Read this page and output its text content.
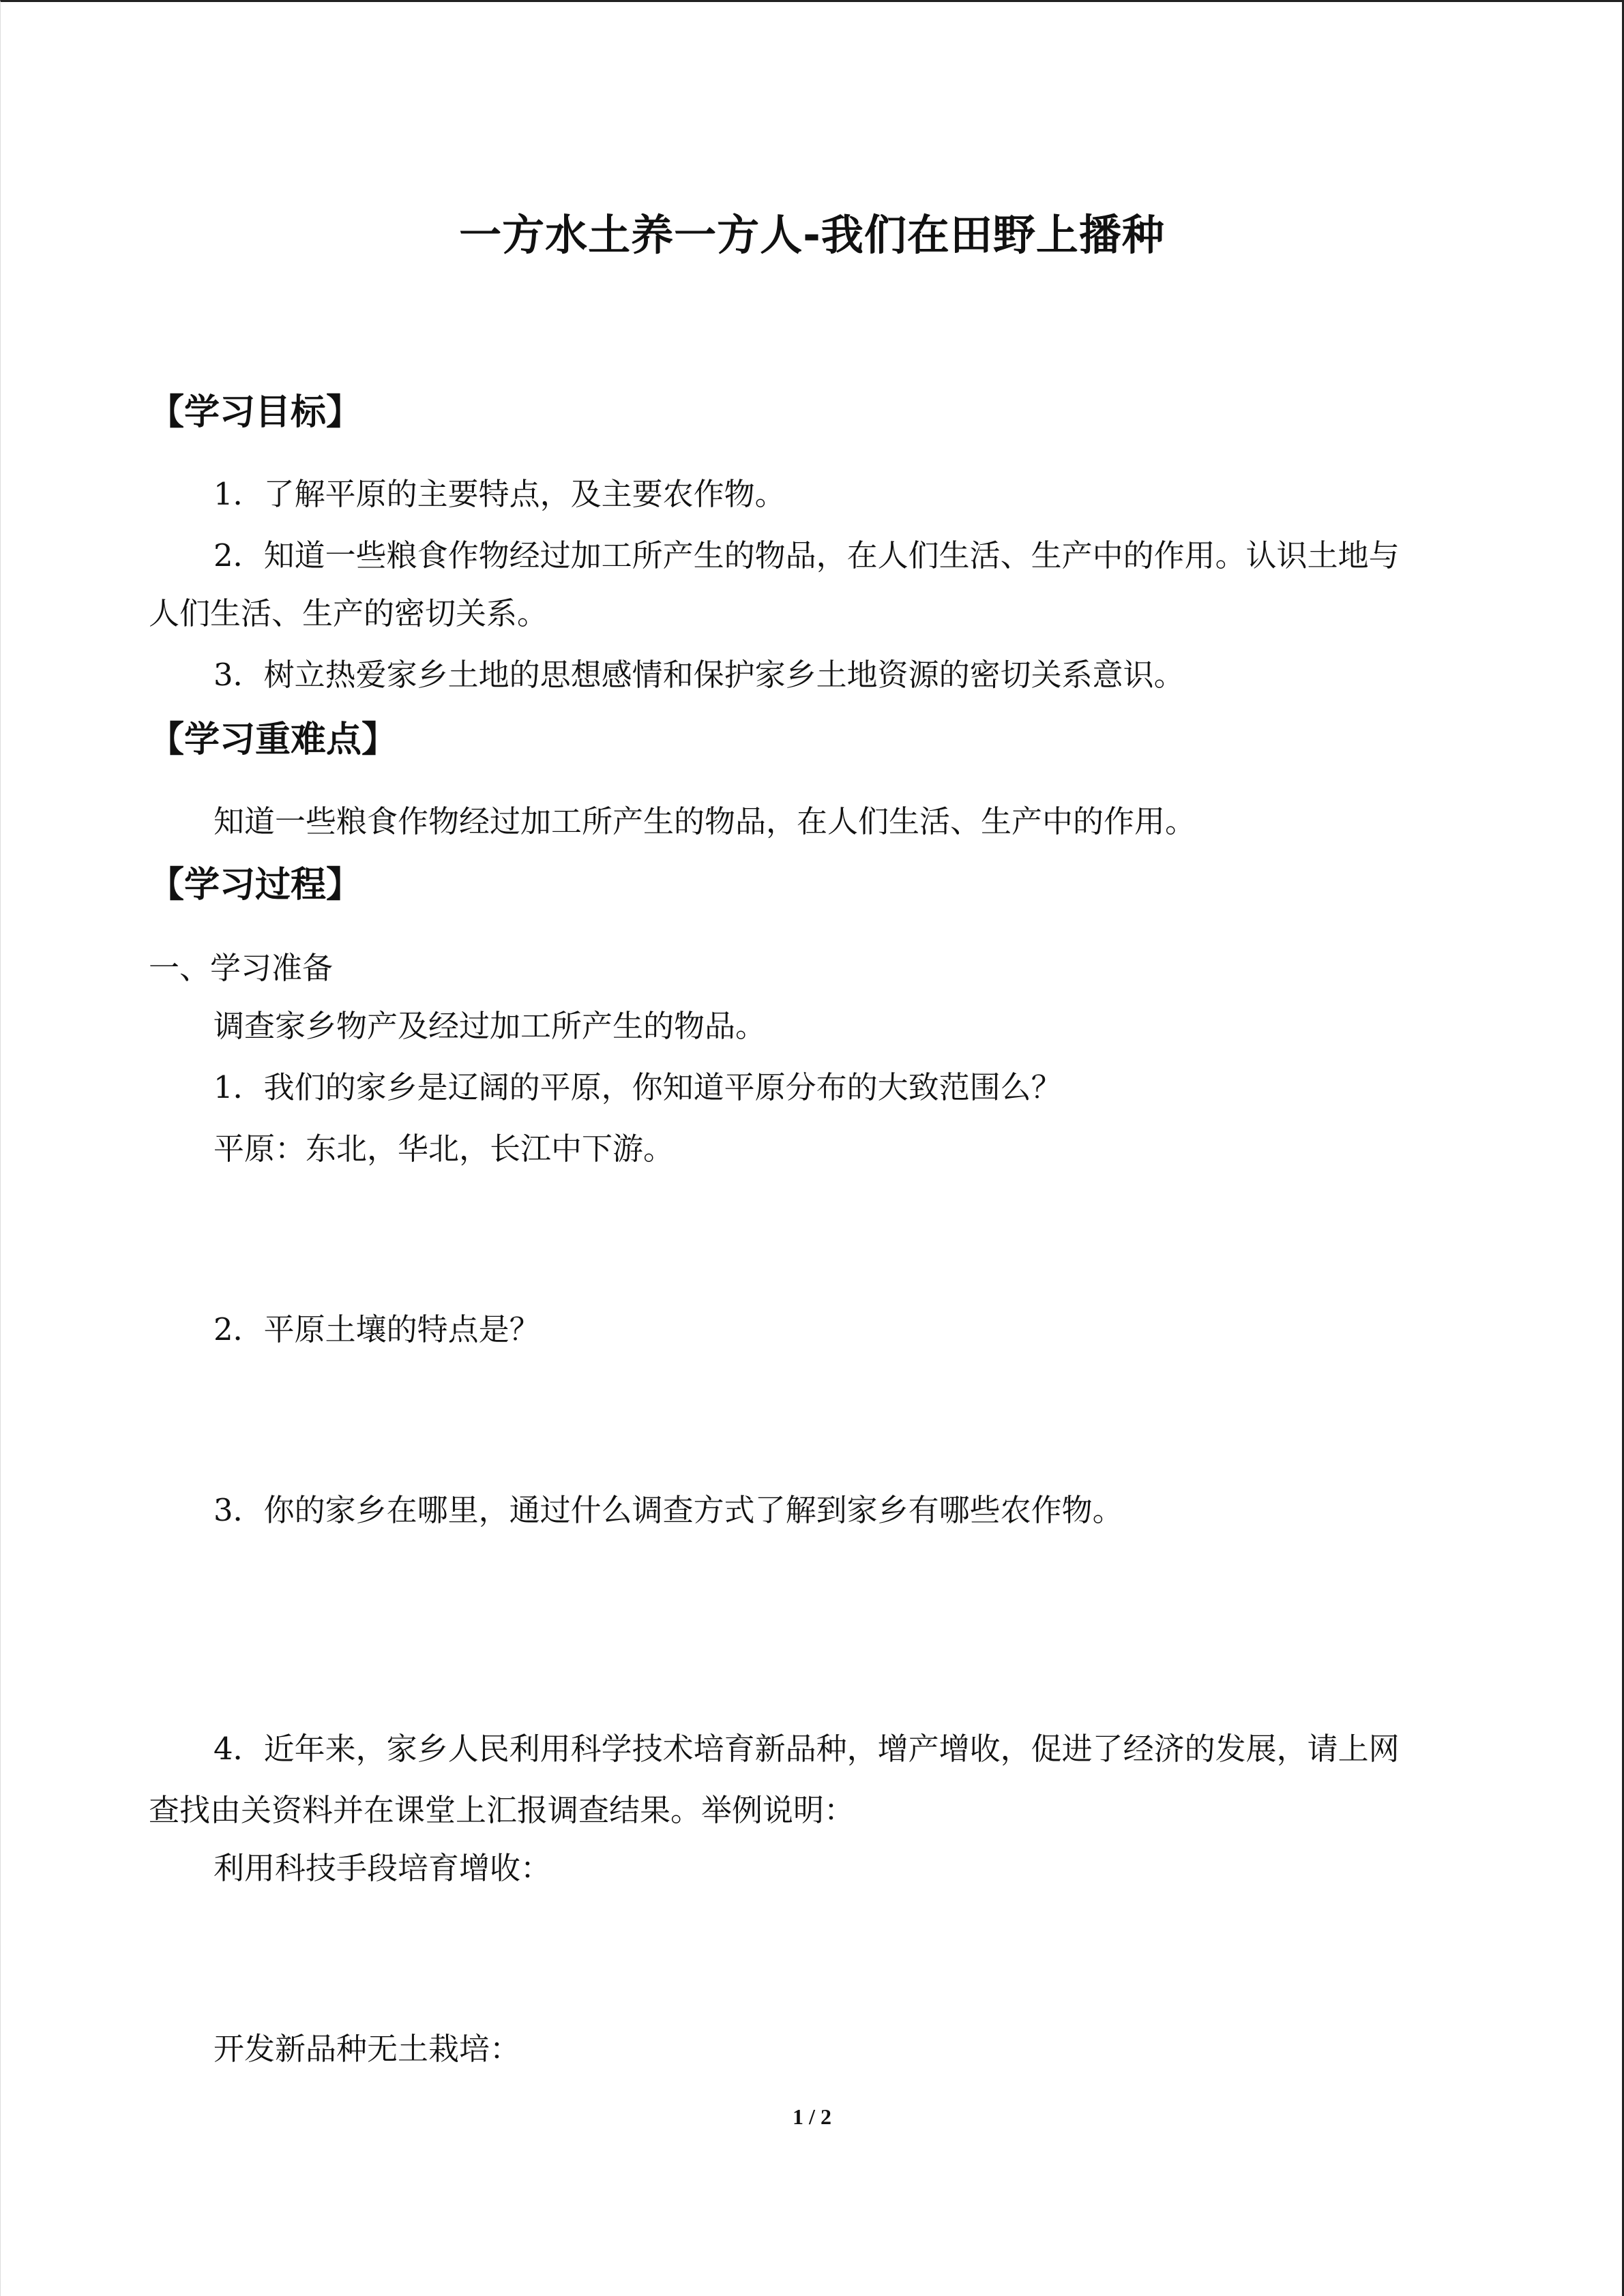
一方水土养一方人-我们在田野上播种
【学习目标】
1．了解平原的主要特点，及主要农作物。
2．知道一些粮食作物经过加工所产生的物品，在人们生活、生产中的作用。认识土地与
人们生活、生产的密切关系。
3．树立热爱家乡土地的思想感情和保护家乡土地资源的密切关系意识。
【学习重难点】
知道一些粮食作物经过加工所产生的物品，在人们生活、生产中的作用。
【学习过程】
一、学习准备
调查家乡物产及经过加工所产生的物品。
1．我们的家乡是辽阔的平原，你知道平原分布的大致范围么？
平原：东北，华北，长江中下游。
2．平原土壤的特点是？
3．你的家乡在哪里，通过什么调查方式了解到家乡有哪些农作物。
4．近年来，家乡人民利用科学技术培育新品种，增产增收，促进了经济的发展，请上网
查找由关资料并在课堂上汇报调查结果。举例说明：
利用科技手段培育增收：
开发新品种无土栽培：
1 / 2
